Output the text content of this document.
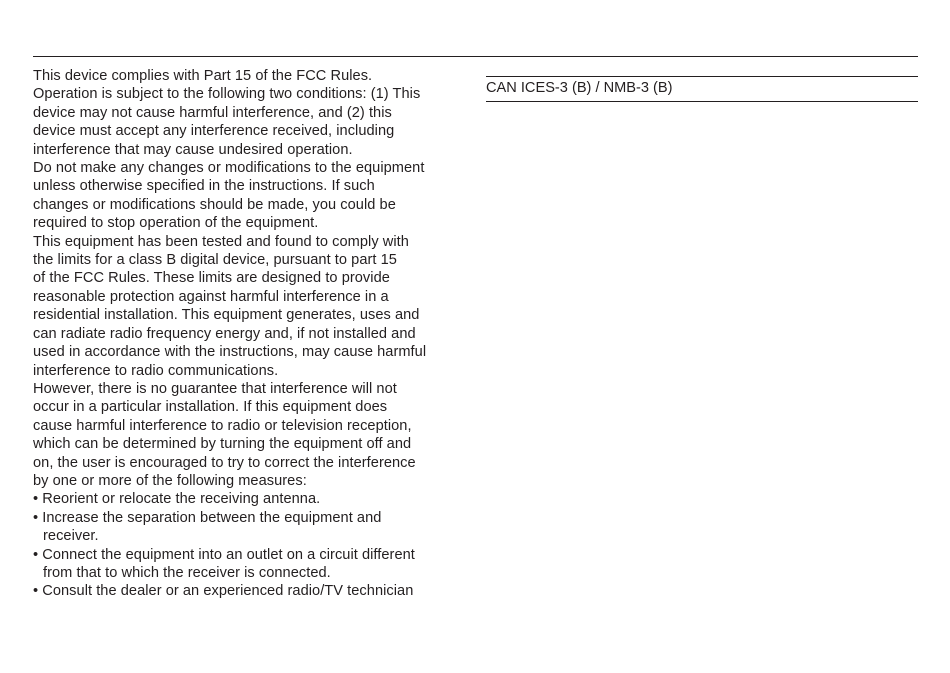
This device complies with Part 15 of the FCC Rules.
Operation is subject to the following two conditions: (1) This
device may not cause harmful interference, and (2) this
device must accept any interference received, including
interference that may cause undesired operation.
Do not make any changes or modifications to the equipment
unless otherwise specified in the instructions. If such
changes or modifications should be made, you could be
required to stop operation of the equipment.
This equipment has been tested and found to comply with
the limits for a class B digital device, pursuant to part 15
of the FCC Rules. These limits are designed to provide
reasonable protection against harmful interference in a
residential installation. This equipment generates, uses and
can radiate radio frequency energy and, if not installed and
used in accordance with the instructions, may cause harmful
interference to radio communications.
However, there is no guarantee that interference will not
occur in a particular installation. If this equipment does
cause harmful interference to radio or television reception,
which can be determined by turning the equipment off and
on, the user is encouraged to try to correct the interference
by one or more of the following measures:
• Reorient or relocate the receiving antenna.
• Increase the separation between the equipment and
receiver.
• Connect the equipment into an outlet on a circuit different
from that to which the receiver is connected.
• Consult the dealer or an experienced radio/TV technician
CAN ICES-3 (B) / NMB-3 (B)
